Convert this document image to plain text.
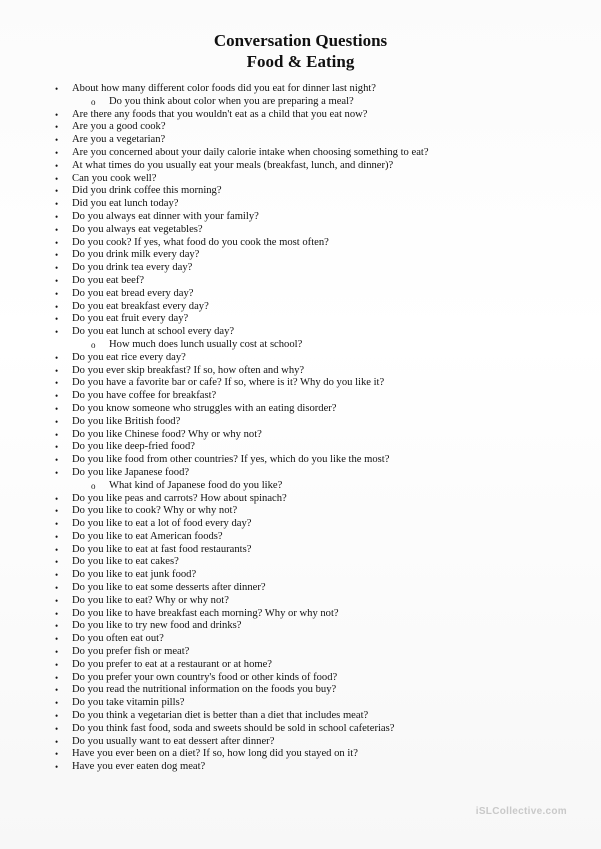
Conversation Questions

Food & Eating

• About how many different color foods did you eat for dinner last night?
o Do you think about color when you are preparing a meal?
• Are there any foods that you wouldn't eat as a child that you eat now?
• Are you a good cook?
• Are you a vegetarian?
• Are you concerned about your daily calorie intake when choosing something to eat?
• At what times do you usually eat your meals (breakfast, lunch, and dinner)?
• Can you cook well?
• Did you drink coffee this morning?
• Did you eat lunch today?
• Do you always eat dinner with your family?
• Do you always eat vegetables?
• Do you cook? If yes, what food do you cook the most often?
• Do you drink milk every day?
• Do you drink tea every day?
• Do you eat beef?
• Do you eat bread every day?
• Do you eat breakfast every day?
• Do you eat fruit every day?
• Do you eat lunch at school every day?
o How much does lunch usually cost at school?
• Do you eat rice every day?
• Do you ever skip breakfast? If so, how often and why?
• Do you have a favorite bar or cafe? If so, where is it? Why do you like it?
• Do you have coffee for breakfast?
• Do you know someone who struggles with an eating disorder?
• Do you like British food?
• Do you like Chinese food? Why or why not?
• Do you like deep-fried food?
• Do you like food from other countries? If yes, which do you like the most?
• Do you like Japanese food?
o What kind of Japanese food do you like?
• Do you like peas and carrots? How about spinach?
• Do you like to cook? Why or why not?
• Do you like to eat a lot of food every day?
• Do you like to eat American foods?
• Do you like to eat at fast food restaurants?
• Do you like to eat cakes?
• Do you like to eat junk food?
• Do you like to eat some desserts after dinner?
• Do you like to eat? Why or why not?
• Do you like to have breakfast each morning? Why or why not?
• Do you like to try new food and drinks?
• Do you often eat out?
• Do you prefer fish or meat?
• Do you prefer to eat at a restaurant or at home?
• Do you prefer your own country's food or other kinds of food?
• Do you read the nutritional information on the foods you buy?
• Do you take vitamin pills?
• Do you think a vegetarian diet is better than a diet that includes meat?
• Do you think fast food, soda and sweets should be sold in school cafeterias?
• Do you usually want to eat dessert after dinner?
• Have you ever been on a diet? If so, how long did you stayed on it?
• Have you ever eaten dog meat?
iSLCollective.com
